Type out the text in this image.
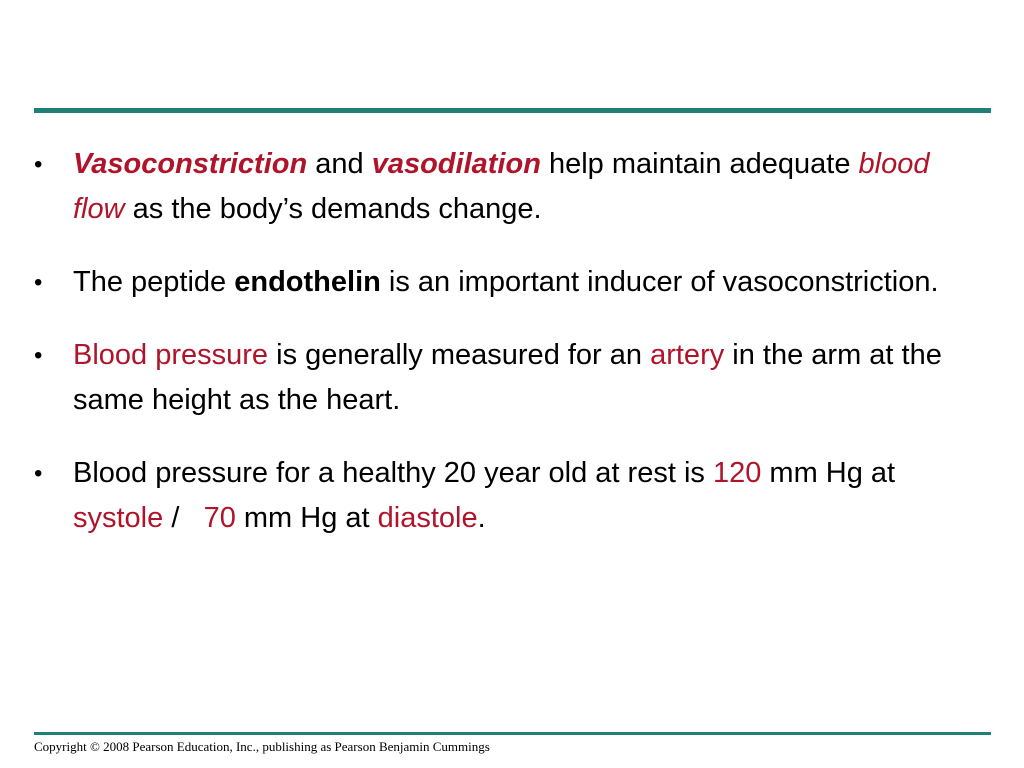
•	Vasoconstriction and vasodilation help maintain adequate blood flow as the body’s demands change.
•	The peptide endothelin is an important inducer of vasoconstriction.
•	Blood pressure is generally measured for an artery in the arm at the same height as the heart.
•	Blood pressure for a healthy 20 year old at rest is 120 mm Hg at systole /   70 mm Hg at diastole.
Copyright © 2008 Pearson Education, Inc., publishing as Pearson Benjamin Cummings
